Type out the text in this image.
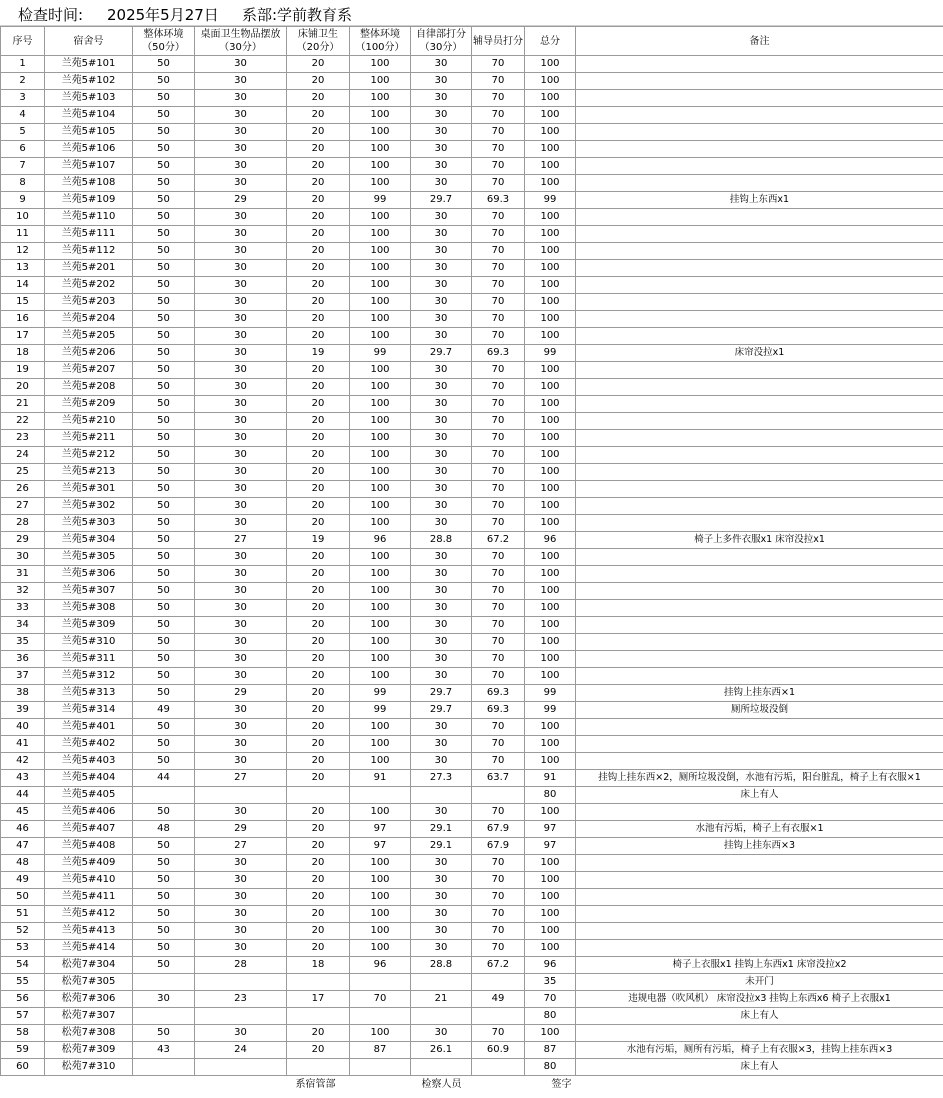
检查时间: 2025年5月27日 系部:学前教育系
序号	宿舍号	整体环境（50分）	桌面卫生物品摆放（30分）	床铺卫生（20分）	整体环境（100分）	自律部打分（30分）	辅导员打分	总分	备注
1	兰苑5#101	50	30	20	100	30	70	100	
2	兰苑5#102	50	30	20	100	30	70	100	
3	兰苑5#103	50	30	20	100	30	70	100	
4	兰苑5#104	50	30	20	100	30	70	100	
5	兰苑5#105	50	30	20	100	30	70	100	
6	兰苑5#106	50	30	20	100	30	70	100	
7	兰苑5#107	50	30	20	100	30	70	100	
8	兰苑5#108	50	30	20	100	30	70	100	
9	兰苑5#109	50	29	20	99	29.7	69.3	99	挂钩上东西x1
10	兰苑5#110	50	30	20	100	30	70	100	
11	兰苑5#111	50	30	20	100	30	70	100	
12	兰苑5#112	50	30	20	100	30	70	100	
13	兰苑5#201	50	30	20	100	30	70	100	
14	兰苑5#202	50	30	20	100	30	70	100	
15	兰苑5#203	50	30	20	100	30	70	100	
16	兰苑5#204	50	30	20	100	30	70	100	
17	兰苑5#205	50	30	20	100	30	70	100	
18	兰苑5#206	50	30	19	99	29.7	69.3	99	床帘没拉x1
19	兰苑5#207	50	30	20	100	30	70	100	
20	兰苑5#208	50	30	20	100	30	70	100	
21	兰苑5#209	50	30	20	100	30	70	100	
22	兰苑5#210	50	30	20	100	30	70	100	
23	兰苑5#211	50	30	20	100	30	70	100	
24	兰苑5#212	50	30	20	100	30	70	100	
25	兰苑5#213	50	30	20	100	30	70	100	
26	兰苑5#301	50	30	20	100	30	70	100	
27	兰苑5#302	50	30	20	100	30	70	100	
28	兰苑5#303	50	30	20	100	30	70	100	
29	兰苑5#304	50	27	19	96	28.8	67.2	96	椅子上多件衣服x1 床帘没拉x1
30	兰苑5#305	50	30	20	100	30	70	100	
31	兰苑5#306	50	30	20	100	30	70	100	
32	兰苑5#307	50	30	20	100	30	70	100	
33	兰苑5#308	50	30	20	100	30	70	100	
34	兰苑5#309	50	30	20	100	30	70	100	
35	兰苑5#310	50	30	20	100	30	70	100	
36	兰苑5#311	50	30	20	100	30	70	100	
37	兰苑5#312	50	30	20	100	30	70	100	
38	兰苑5#313	50	29	20	99	29.7	69.3	99	挂钩上挂东西×1
39	兰苑5#314	49	30	20	99	29.7	69.3	99	厕所垃圾没倒
40	兰苑5#401	50	30	20	100	30	70	100	
41	兰苑5#402	50	30	20	100	30	70	100	
42	兰苑5#403	50	30	20	100	30	70	100	
43	兰苑5#404	44	27	20	91	27.3	63.7	91	挂钩上挂东西×2，厕所垃圾没倒，水池有污垢，阳台脏乱，椅子上有衣服×1
44	兰苑5#405							80	床上有人
45	兰苑5#406	50	30	20	100	30	70	100	
46	兰苑5#407	48	29	20	97	29.1	67.9	97	水池有污垢，椅子上有衣服×1
47	兰苑5#408	50	27	20	97	29.1	67.9	97	挂钩上挂东西×3
48	兰苑5#409	50	30	20	100	30	70	100	
49	兰苑5#410	50	30	20	100	30	70	100	
50	兰苑5#411	50	30	20	100	30	70	100	
51	兰苑5#412	50	30	20	100	30	70	100	
52	兰苑5#413	50	30	20	100	30	70	100	
53	兰苑5#414	50	30	20	100	30	70	100	
54	松苑7#304	50	28	18	96	28.8	67.2	96	椅子上衣服x1 挂钩上东西x1 床帘没拉x2
55	松苑7#305							35	未开门
56	松苑7#306	30	23	17	70	21	49	70	违规电器（吹风机） 床帘没拉x3 挂钩上东西x6 椅子上衣服x1
57	松苑7#307							80	床上有人
58	松苑7#308	50	30	20	100	30	70	100	
59	松苑7#309	43	24	20	87	26.1	60.9	87	水池有污垢，厕所有污垢，椅子上有衣服×3，挂钩上挂东西×3
60	松苑7#310							80	床上有人
系宿管部					检察人员		签字		
